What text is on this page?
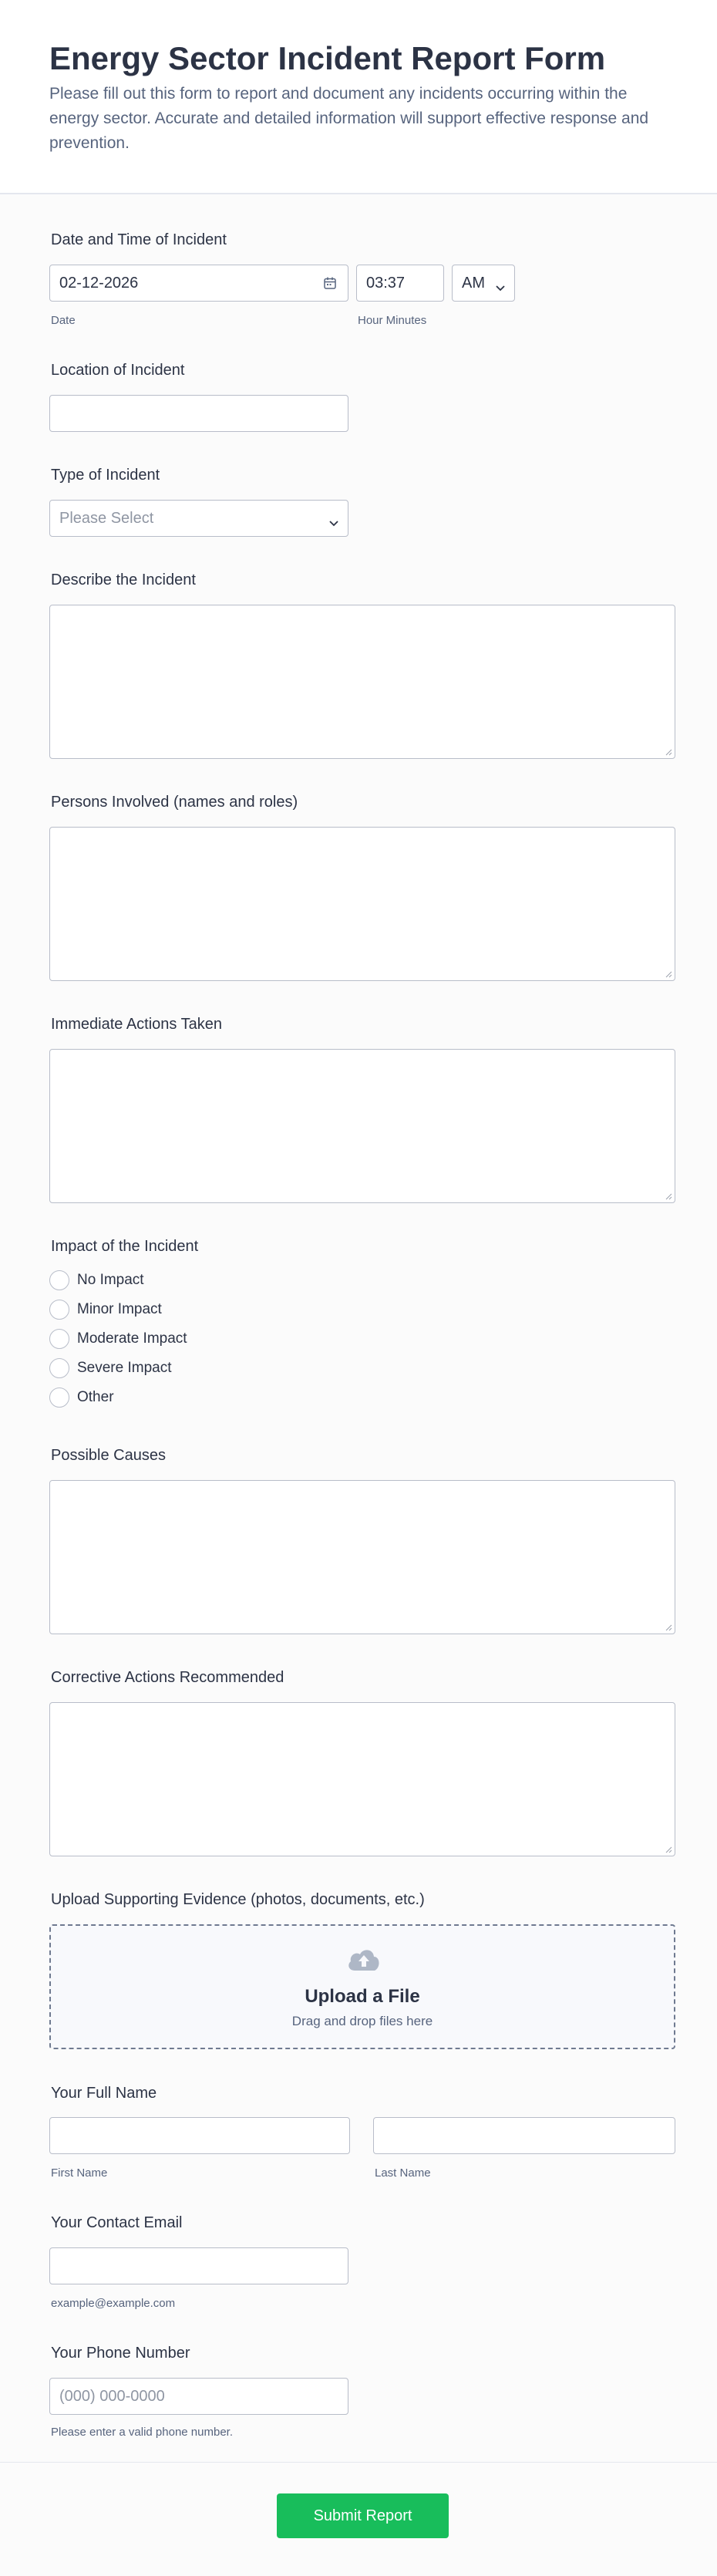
Energy Sector Incident Report Form

Please fill out this form to report and document any incidents occurring within the energy sector. Accurate and detailed information will support effective response and prevention.

Date and Time of Incident
02-12-2026
Date
03:37
Hour Minutes
AM
Location of Incident
Type of Incident
Please Select
Describe the Incident
Persons Involved (names and roles)
Immediate Actions Taken
Impact of the Incident
No Impact
Minor Impact
Moderate Impact
Severe Impact
Other
Possible Causes
Corrective Actions Recommended
Upload Supporting Evidence (photos, documents, etc.)
Upload a File
Drag and drop files here
Your Full Name
First Name	Last Name
Your Contact Email
example@example.com
Your Phone Number
(000) 000-0000
Please enter a valid phone number.
Submit Report
